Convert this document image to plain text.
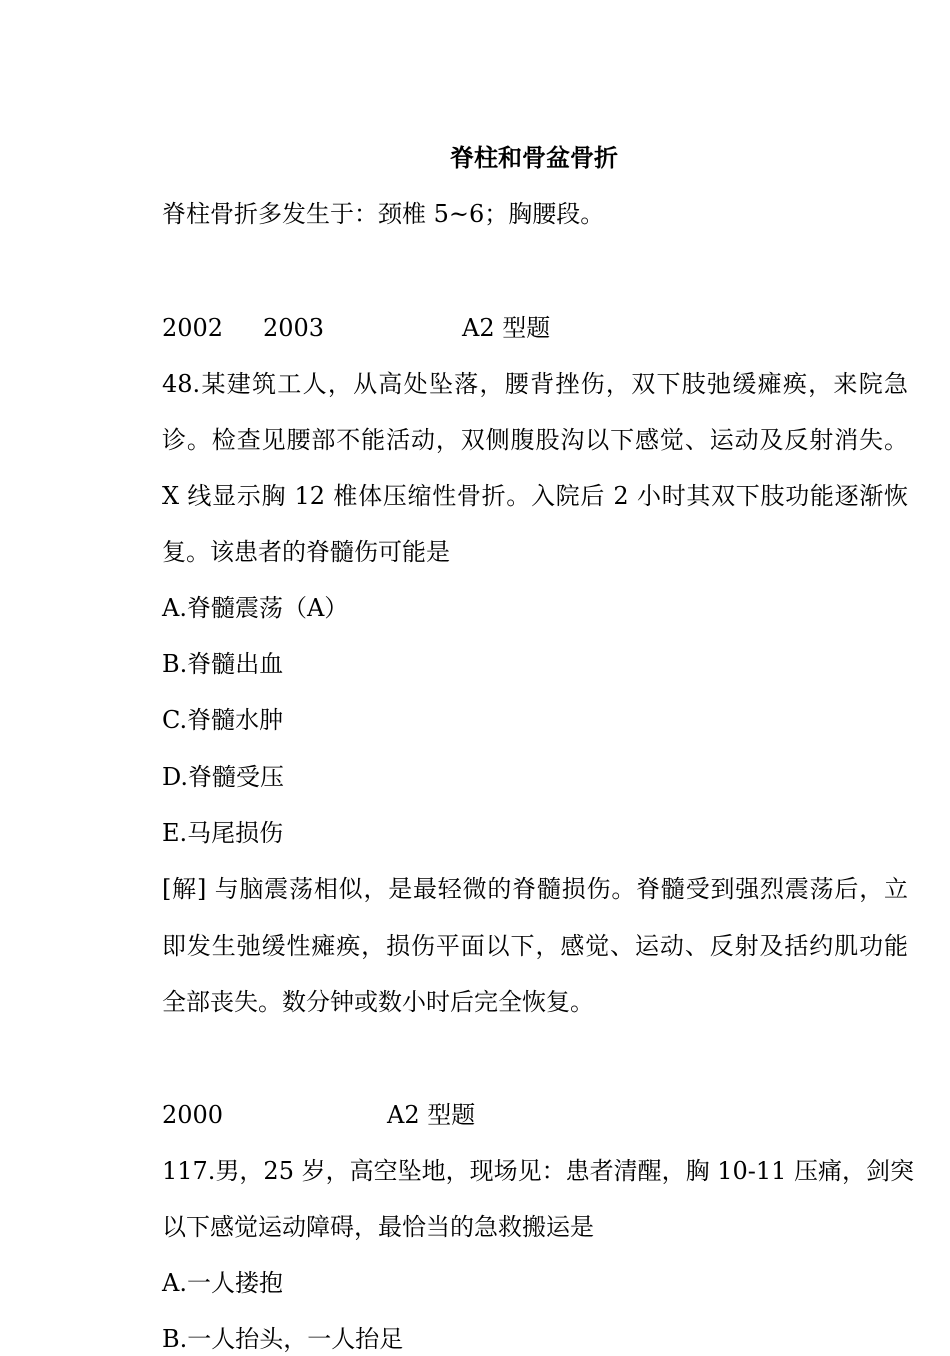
脊柱和骨盆骨折
脊柱骨折多发生于：颈椎 5~6；胸腰段。
2002 2003	A2 型题
48.某建筑工人，从高处坠落，腰背挫伤，双下肢弛缓瘫痪，来院急
诊。检查见腰部不能活动，双侧腹股沟以下感觉、运动及反射消失。
X 线显示胸 12 椎体压缩性骨折。入院后 2 小时其双下肢功能逐渐恢
复。该患者的脊髓伤可能是
A.脊髓震荡（A）
B.脊髓出血
C.脊髓水肿
D.脊髓受压
E.马尾损伤
[解] 与脑震荡相似，是最轻微的脊髓损伤。脊髓受到强烈震荡后，立
即发生弛缓性瘫痪，损伤平面以下，感觉、运动、反射及括约肌功能
全部丧失。数分钟或数小时后完全恢复。
2000	A2 型题
117.男，25 岁，高空坠地，现场见：患者清醒，胸 10-11 压痛，剑突
以下感觉运动障碍，最恰当的急救搬运是
A.一人搂抱
B.一人抬头，一人抬足
